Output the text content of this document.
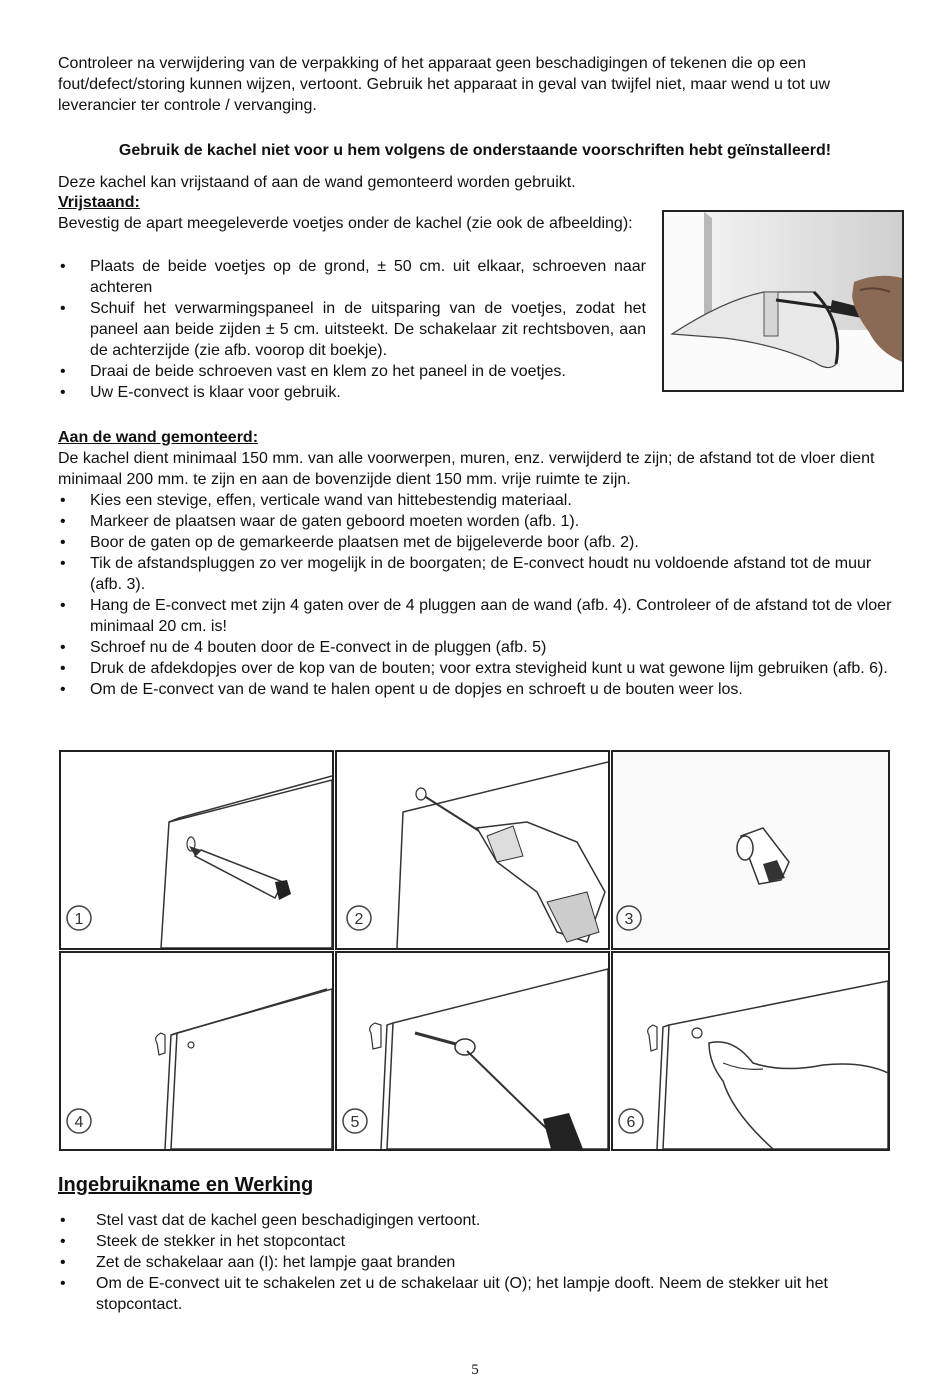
Controleer na verwijdering van de verpakking of het apparaat geen beschadigingen of tekenen die op een fout/defect/storing kunnen wijzen, vertoont. Gebruik het apparaat in geval van twijfel niet, maar wend u tot uw leverancier ter controle / vervanging.

Gebruik de kachel niet voor u hem volgens de onderstaande voorschriften hebt geïnstalleerd!

Deze kachel kan vrijstaand of aan de wand gemonteerd worden gebruikt.

Vrijstaand:

Bevestig de apart meegeleverde voetjes onder de kachel (zie ook de afbeelding):

• Plaats de beide voetjes op de grond, ± 50 cm. uit elkaar, schroeven naar achteren
• Schuif het verwarmingspaneel in de uitsparing van de voetjes, zodat het paneel aan beide zijden ± 5 cm. uitsteekt. De schakelaar zit rechtsboven, aan de achterzijde (zie afb. voorop dit boekje).
• Draai de beide schroeven vast en klem zo het paneel in de voetjes.
• Uw E-convect is klaar voor gebruik.

Aan de wand gemonteerd:

De kachel dient minimaal 150 mm. van alle voorwerpen, muren, enz. verwijderd te zijn; de afstand tot de vloer dient minimaal 200 mm. te zijn en aan de bovenzijde dient 150 mm. vrije ruimte te zijn.

• Kies een stevige, effen, verticale wand van hittebestendig materiaal.
• Markeer de plaatsen waar de gaten geboord moeten worden (afb. 1).
• Boor de gaten op de gemarkeerde plaatsen met de bijgeleverde boor (afb. 2).
• Tik de afstandspluggen zo ver mogelijk in de boorgaten; de E-convect houdt nu voldoende afstand tot de muur (afb. 3).
• Hang de E-convect met zijn 4 gaten over de 4 pluggen aan de wand (afb. 4). Controleer of de afstand tot de vloer minimaal 20 cm. is!
• Schroef nu de 4 bouten door de E-convect in de pluggen (afb. 5)
• Druk de afdekdopjes over de kop van de bouten; voor extra stevigheid kunt u wat gewone lijm gebruiken (afb. 6).
• Om de E-convect van de wand te halen opent u de dopjes en schroeft u de bouten weer los.
1	2	3
4	5	6

Ingebruikname en Werking

• Stel vast dat de kachel geen beschadigingen vertoont.
• Steek de stekker in het stopcontact
• Zet de schakelaar aan (I): het lampje gaat branden
• Om de E-convect uit te schakelen zet u de schakelaar uit (O); het lampje dooft. Neem de stekker uit het stopcontact.
5
